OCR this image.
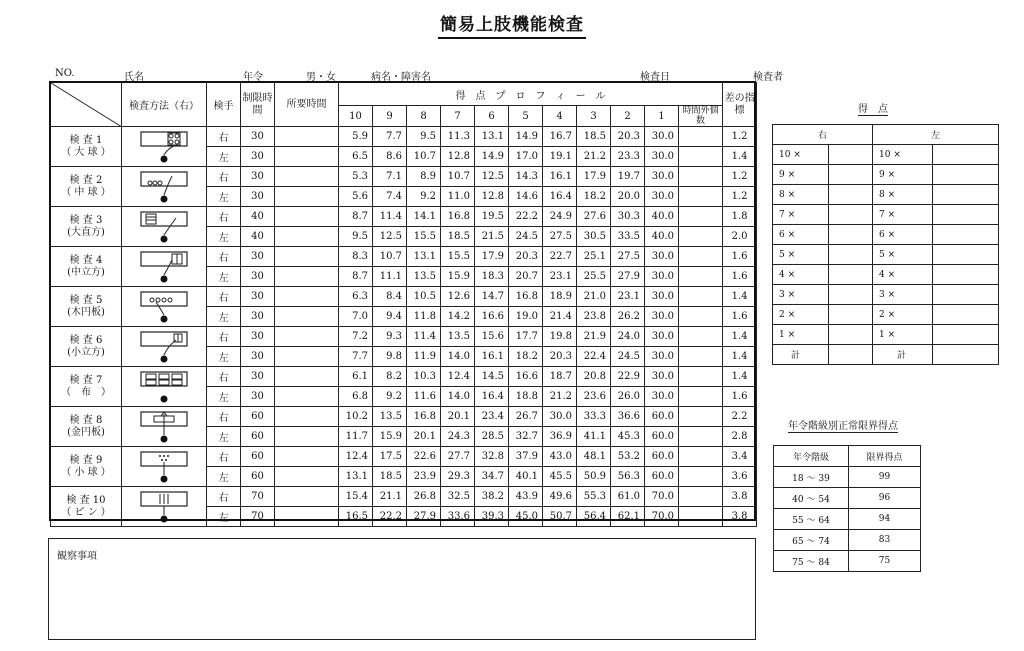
簡易上肢機能検査
NO.	氏名	年令	男・女	病名・障害名	検査日	検査者
	検査方法（右）	検手	制限時間	所要時間	得　点　プ　ロ　フ　ィ　ー　ル											差の指標
					10	9	8	7	6	5	4	3	2	1	時間外個　数	

検 査 1
（ 大 球 ）		右	30		5.9	7.7	9.5	11.3	13.1	14.9	16.7	18.5	20.3	30.0		1.2
		左	30		6.5	8.6	10.7	12.8	14.9	17.0	19.1	21.2	23.3	30.0		1.4

検 査 2
（ 中 球 ）		右	30		5.3	7.1	8.9	10.7	12.5	14.3	16.1	17.9	19.7	30.0		1.2
		左	30		5.6	7.4	9.2	11.0	12.8	14.6	16.4	18.2	20.0	30.0		1.2

検 査 3
(大直方)		右	40		8.7	11.4	14.1	16.8	19.5	22.2	24.9	27.6	30.3	40.0		1.8
		左	40		9.5	12.5	15.5	18.5	21.5	24.5	27.5	30.5	33.5	40.0		2.0

検 査 4
(中立方)		右	30		8.3	10.7	13.1	15.5	17.9	20.3	22.7	25.1	27.5	30.0		1.6
		左	30		8.7	11.1	13.5	15.9	18.3	20.7	23.1	25.5	27.9	30.0		1.6

検 査 5
(木円板)		右	30		6.3	8.4	10.5	12.6	14.7	16.8	18.9	21.0	23.1	30.0		1.4
		左	30		7.0	9.4	11.8	14.2	16.6	19.0	21.4	23.8	26.2	30.0		1.6

検 査 6
(小立方)		右	30		7.2	9.3	11.4	13.5	15.6	17.7	19.8	21.9	24.0	30.0		1.4
		左	30		7.7	9.8	11.9	14.0	16.1	18.2	20.3	22.4	24.5	30.0		1.4

検 査 7
（　布　）		右	30		6.1	8.2	10.3	12.4	14.5	16.6	18.7	20.8	22.9	30.0		1.4
		左	30		6.8	9.2	11.6	14.0	16.4	18.8	21.2	23.6	26.0	30.0		1.6

検 査 8
(金円板)		右	60		10.2	13.5	16.8	20.1	23.4	26.7	30.0	33.3	36.6	60.0		2.2
		左	60		11.7	15.9	20.1	24.3	28.5	32.7	36.9	41.1	45.3	60.0		2.8

検 査 9
（ 小 球 ）		右	60		12.4	17.5	22.6	27.7	32.8	37.9	43.0	48.1	53.2	60.0		3.4
		左	60		13.1	18.5	23.9	29.3	34.7	40.1	45.5	50.9	56.3	60.0		3.6

検 査 10
（ ピ ン ）		右	70		15.4	21.1	26.8	32.5	38.2	43.9	49.6	55.3	61.0	70.0		3.8
		左	70		16.5	22.2	27.9	33.6	39.3	45.0	50.7	56.4	62.1	70.0		3.8
観察事項
得　点
右		左	
10 ×		10 ×	
9 ×		9 ×	
8 ×		8 ×	
7 ×		7 ×	
6 ×		6 ×	
5 ×		5 ×	
4 ×		4 ×	
3 ×		3 ×	
2 ×		2 ×	
1 ×		1 ×	
計		計	
年令階級別正常限界得点
年令階級	限界得点
18 ～ 39	99
40 ～ 54	96
55 ～ 64	94
65 ～ 74	83
75 ～ 84	75
